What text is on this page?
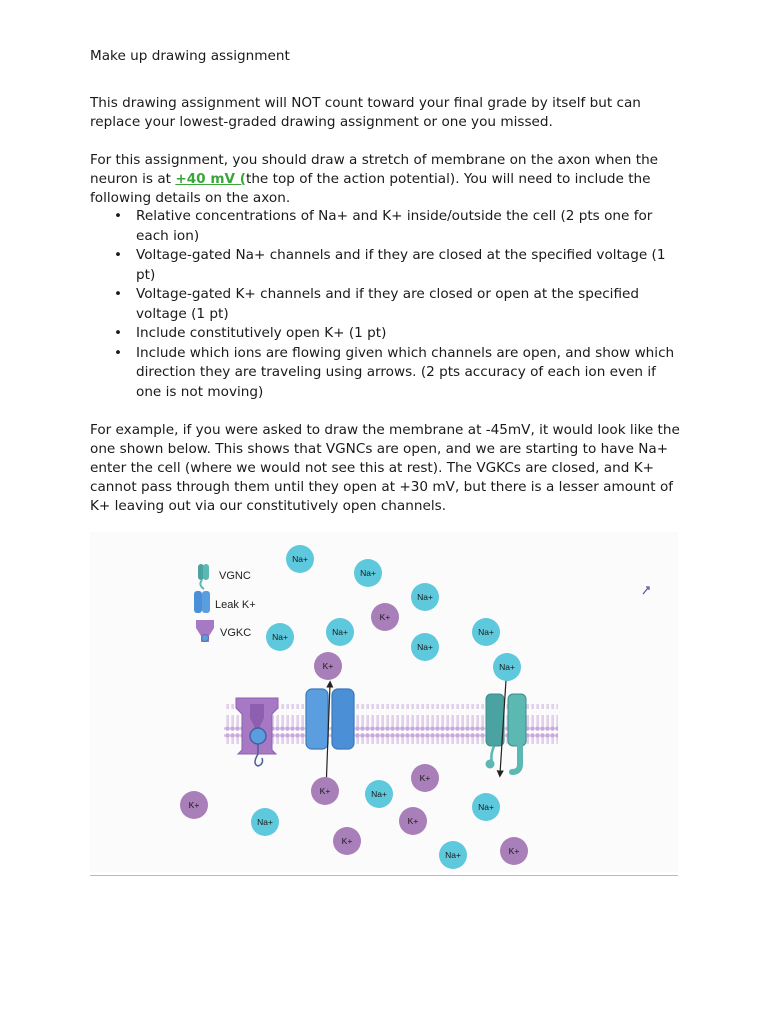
Make up drawing assignment
This drawing assignment will NOT count toward your final grade by itself but can replace your lowest-graded drawing assignment or one you missed.
For this assignment, you should draw a stretch of membrane on the axon when the neuron is at +40 mV (the top of the action potential). You will need to include the following details on the axon.
• Relative concentrations of Na+ and K+ inside/outside the cell (2 pts one for each ion)
• Voltage-gated Na+ channels and if they are closed at the specified voltage (1 pt)
• Voltage-gated K+ channels and if they are closed or open at the specified voltage (1 pt)
• Include constitutively open K+ (1 pt)
• Include which ions are flowing given which channels are open, and show which direction they are traveling using arrows. (2 pts accuracy of each ion even if one is not moving)
For example, if you were asked to draw the membrane at -45mV, it would look like the one shown below. This shows that VGNCs are open, and we are starting to have Na+ enter the cell (where we would not see this at rest). The VGKCs are closed, and K+ cannot pass through them until they open at +30 mV, but there is a lesser amount of K+ leaving out via our constitutively open channels.
VGNC
Leak K+
VGKC
Na+
Na+
Na+
Na+	Na+
Na+
Na+
K+
K+	Na+
K+	Na+
K+
Na+
K+
Na+	K+
K+
Na+	K+
